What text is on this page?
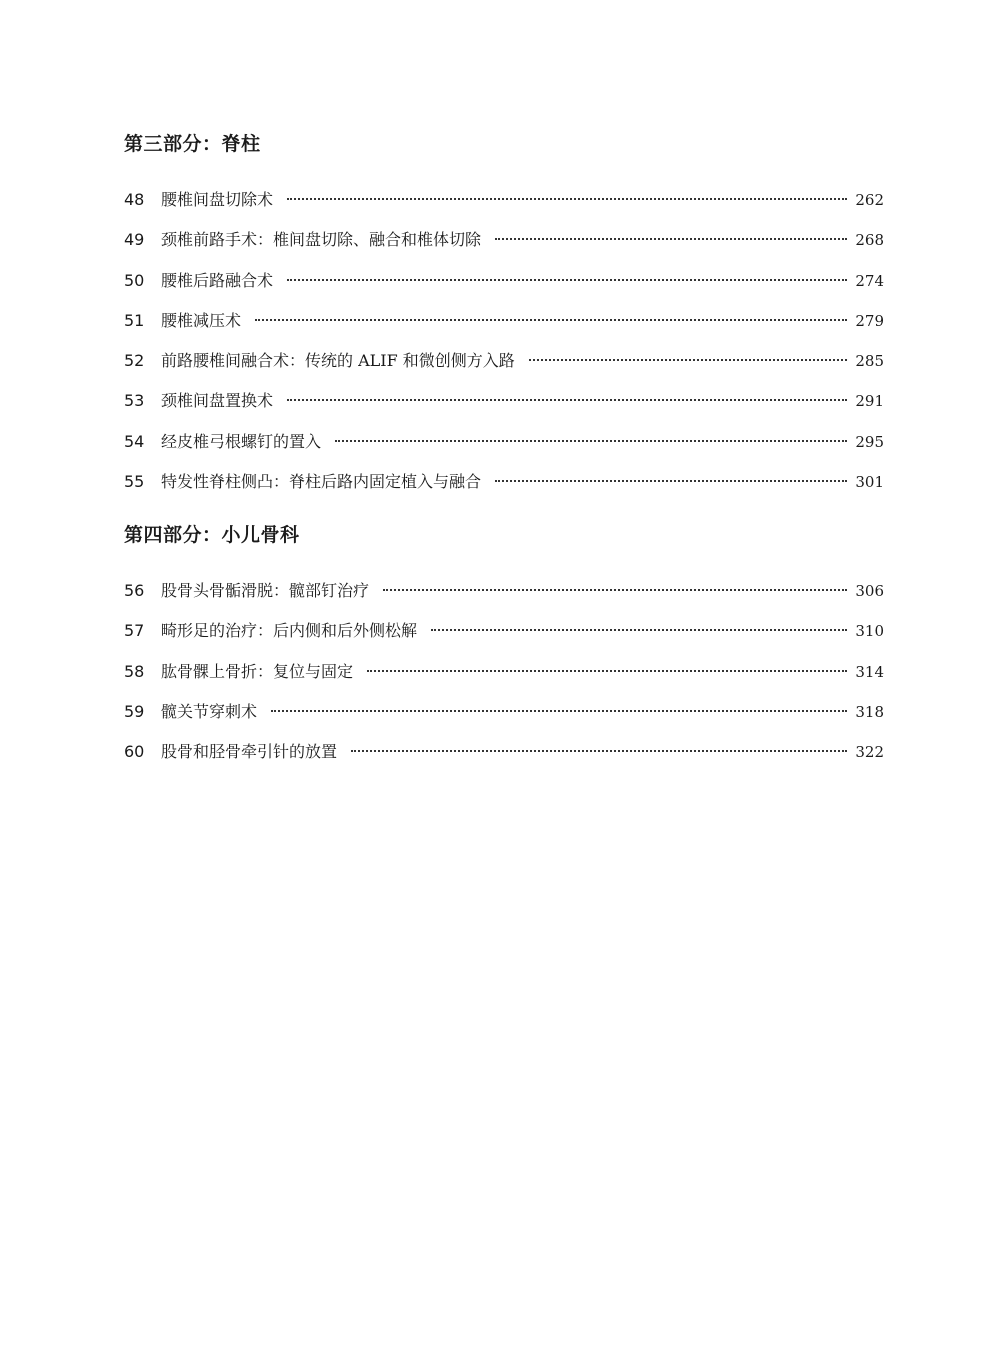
第三部分：脊柱
48	腰椎间盘切除术	262
49	颈椎前路手术：椎间盘切除、融合和椎体切除	268
50	腰椎后路融合术	274
51	腰椎减压术	279
52	前路腰椎间融合术：传统的 ALIF 和微创侧方入路	285
53	颈椎间盘置换术	291
54	经皮椎弓根螺钉的置入	295
55	特发性脊柱侧凸：脊柱后路内固定植入与融合	301
第四部分：小儿骨科
56	股骨头骨骺滑脱：髋部钉治疗	306
57	畸形足的治疗：后内侧和后外侧松解	310
58	肱骨髁上骨折：复位与固定	314
59	髋关节穿刺术	318
60	股骨和胫骨牵引针的放置	322
